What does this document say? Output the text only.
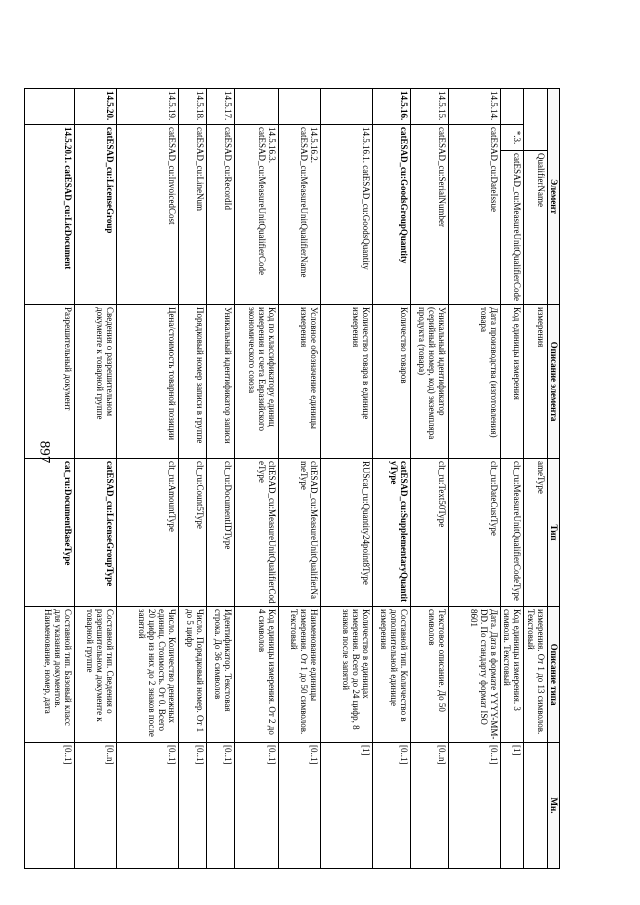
897
Элемент			Описание элемента	Тип	Описание типа	Мн.
		QualifierName	измерения	ameType	измерения. От 1 до 13 символов. Текстовый	
	*.3.	catESAD_cu:MeasureUnitQualifierCode	Код единицы измерения	clt_ru:MeasureUnitQualifierCodeType	Код единицы измерения. 3 символа. Текстовый	[1]
14.5.14.	catESAD_cu:DateIssue		Дата производства (изготовления) товара	clt_ru:DateCustType	Дата. Дата в формате YYYY-MM-DD. По стандарту формат ISO 8601	[0..1]
14.5.15.	catESAD_cu:SerialNumber		Уникальный идентификатор (серийный номер, код) экземпляра продукта (товара)	clt_ru:Text50Type	Текстовое описание. До 50 символов	[0..n]
14.5.16.	catESAD_cu:GoodsGroupQuantity		Количество товаров	catESAD_cu:SupplementaryQuantityType	Составной тип. Количество в дополнительной единице измерения	[0..1]
	14.5.16.1. catESAD_cu:GoodsQuantity		Количество товара в единице измерения	RUScat_ru:Quantity24point8Type	Количество в единицах измерения. Всего до 24 цифр, 8 знаков после запятой	[1]
	14.5.16.2. catESAD_cu:MeasureUnitQualifierName		Условное обозначение единицы измерения	cltESAD_cu:MeasureUnitQualifierNameType	Наименование единицы измерения. От 1 до 50 символов. Текстовый	[0..1]
	14.5.16.3. catESAD_cu:MeasureUnitQualifierCode		Код по классификатору единиц измерения и счета Евразийского экономического союза	cltESAD_cu:MeasureUnitQualifierCodeType	Код единицы измерения. От 2 до 4 символов	[0..1]
14.5.17.	catESAD_cu:RecordId		Уникальный идентификатор записи	clt_ru:DocumentIDType	Идентификатор. Текстовая строка. До 36 символов	[0..1]
14.5.18.	catESAD_cu:LineNum		Порядковый номер записи в группе	clt_ru:Count5Type	Число. Порядковый номер. От 1 до 5 цифр	[0..1]
14.5.19.	catESAD_cu:InvoicedCost		Цена/стоимость товарной позиции	clt_ru:AmountType	Число. Количество денежных единиц. Стоимость. От 0. Всего 20 цифр из них до 2 знаков после запятой	[0..1]
14.5.20.	catESAD_cu:LicenseGroup		Сведения о разрешительном документе к товарной группе	catESAD_cu:LicenseGroupType	Составной тип. Сведения о разрешительном документе к товарной группе	[0..n]
	14.5.20.1. catESAD_cu:LicDocument		Разрешительный документ	cat_ru:DocumentBaseType	Составной тип. Базовый класс для указания документов. Наименование, номер, дата	[0..1]
